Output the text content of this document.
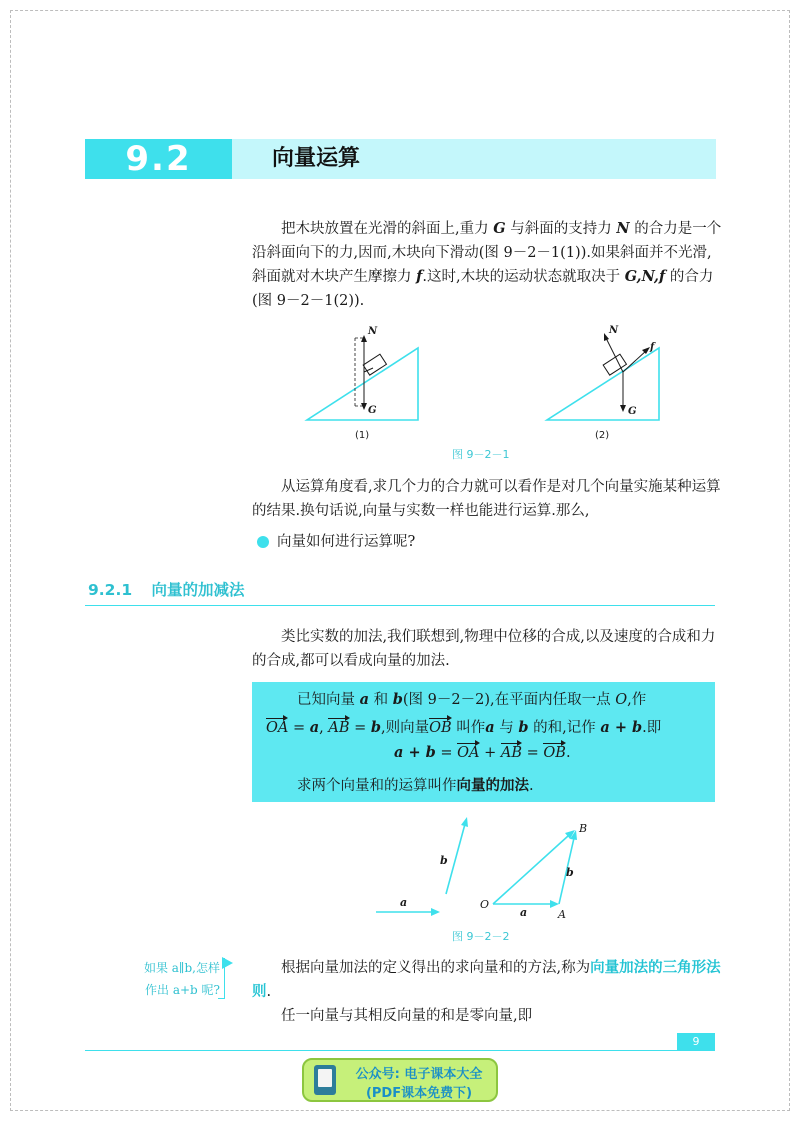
9.2	向量运算

把木块放置在光滑的斜面上,重力 G 与斜面的支持力 N 的合力是一个沿斜面向下的力,因而,木块向下滑动(图 9－2－1(1)).如果斜面并不光滑,斜面就对木块产生摩擦力 f.这时,木块的运动状态就取决于 G,N,f 的合力(图 9－2－1(2)).

N
G
(1)
N
G
f
(2)
图 9－2－1

从运算角度看,求几个力的合力就可以看作是对几个向量实施某种运算的结果.换句话说,向量与实数一样也能进行运算.那么,

向量如何进行运算呢?
9.2.1 向量的加减法

类比实数的加法,我们联想到,物理中位移的合成,以及速度的合成和力的合成,都可以看成向量的加法.

已知向量 a 和 b(图 9－2－2),在平面内任取一点 O,作
OA = a, AB = b,则向量OB 叫作a 与 b 的和,记作 a + b.即
a + b = OA + AB = OB.
求两个向量和的运算叫作向量的加法.
a
b
O
A
B
a
b
图 9－2－2
如果 a∥b,怎样
作出 a+b 呢?

根据向量加法的定义得出的求向量和的方法,称为向量加法的三角形法则.

任一向量与其相反向量的和是零向量,即

9
公众号: 电子课本大全
(PDF课本免费下)
